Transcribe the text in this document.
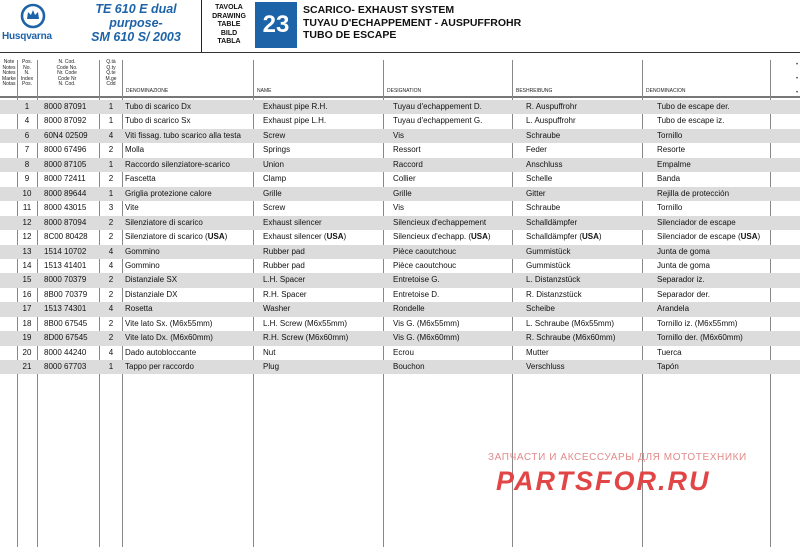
Husqvarna
TE 610 E dual
purpose-
SM 610 S/ 2003
TAVOLA
DRAWING
TABLE
BILD
TABLA
23
SCARICO- EXHAUST SYSTEM
TUYAU D'ECHAPPEMENT - AUSPUFFROHR
TUBO DE ESCAPE
Note
Notes
Notes
Marke
Notas
Pos.
No.
N.
Index
Pos.
N. Cod.
Code No.
Nr. Code
Code Nr
N. Cod.
Q.tà
Q.ty
Q.te
M.ge
Cdd
DENOMINAZIONE	NAME	DESIGNATION	BESHREIBUNG	DENOMINACION
1	8000 87091	1	Tubo di scarico Dx	Exhaust pipe R.H.	Tuyau d'echappement D.	R. Auspuffrohr	Tubo de escape der.
4	8000 87092	1	Tubo di scarico Sx	Exhaust pipe L.H.	Tuyau d'echappement G.	L. Auspuffrohr	Tubo de escape iz.
6	60N4 02509	4	Viti fissag. tubo scarico alla testa	Screw	Vis	Schraube	Tornillo
7	8000 67496	2	Molla	Springs	Ressort	Feder	Resorte
8	8000 87105	1	Raccordo silenziatore-scarico	Union	Raccord	Anschluss	Empalme
9	8000 72411	2	Fascetta	Clamp	Collier	Schelle	Banda
10	8000 89644	1	Griglia protezione calore	Grille	Grille	Gitter	Rejilla de protección
11	8000 43015	3	Vite	Screw	Vis	Schraube	Tornillo
12	8000 87094	2	Silenziatore di scarico	Exhaust silencer	Silencieux d'echappement	Schalldämpfer	Silenciador de escape
12	8C00 80428	2	Silenziatore di scarico (USA)	Exhaust silencer (USA)	Silencieux d'echapp. (USA)	Schalldämpfer (USA)	Silenciador de escape (USA)
13	1514 10702	4	Gommino	Rubber pad	Pièce caoutchouc	Gummistück	Junta de goma
14	1513 41401	4	Gommino	Rubber pad	Pièce caoutchouc	Gummistück	Junta de goma
15	8000 70379	2	Distanziale SX	L.H. Spacer	Entretoise G.	L. Distanzstück	Separador iz.
16	8B00 70379	2	Distanziale DX	R.H. Spacer	Entretoise D.	R. Distanzstück	Separador der.
17	1513 74301	4	Rosetta	Washer	Rondelle	Scheibe	Arandela
18	8B00 67545	2	Vite lato Sx. (M6x55mm)	L.H. Screw (M6x55mm)	Vis G. (M6x55mm)	L. Schraube (M6x55mm)	Tornillo iz. (M6x55mm)
19	8D00 67545	2	Vite lato Dx. (M6x60mm)	R.H. Screw (M6x60mm)	Vis G. (M6x60mm)	R. Schraube (M6x60mm)	Tornillo der. (M6x60mm)
20	8000 44240	4	Dado autobloccante	Nut	Ecrou	Mutter	Tuerca
21	8000 67703	1	Tappo per raccordo	Plug	Bouchon	Verschluss	Tapón
•
•
•
ЗАПЧАСТИ И АКСЕССУАРЫ ДЛЯ МОТОТЕХНИКИ
PARTSFOR.RU
